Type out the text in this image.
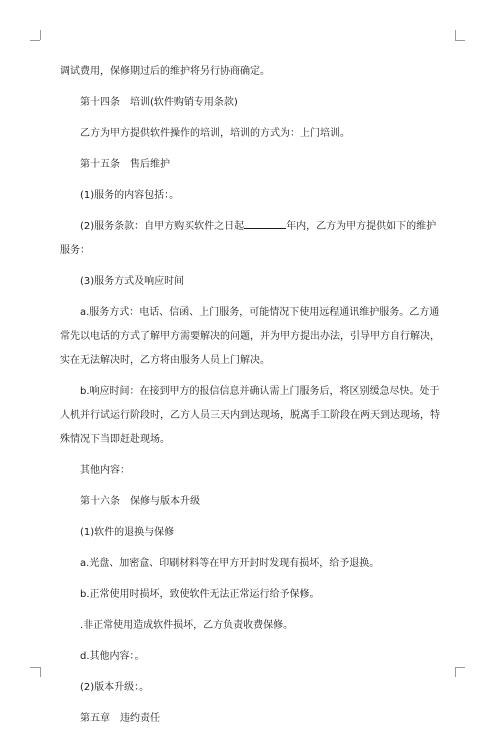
调试费用，保修期过后的维护将另行协商确定。

第十四条　培训(软件购销专用条款)

乙方为甲方提供软件操作的培训，培训的方式为：上门培训。

第十五条　售后维护

(1)服务的内容包括：。

(2)服务条款：自甲方购买软件之日起	年内，乙方为甲方提供如下的维护服务：

(3)服务方式及响应时间

a.服务方式：电话、信函、上门服务，可能情况下使用远程通讯维护服务。乙方通常先以电话的方式了解甲方需要解决的问题，并为甲方提出办法，引导甲方自行解决，实在无法解决时，乙方将由服务人员上门解决。

b.响应时间：在接到甲方的报信信息并确认需上门服务后，将区别缓急尽快。处于人机并行试运行阶段时，乙方人员三天内到达现场，脱离手工阶段在两天到达现场，特殊情况下当即赶赴现场。

其他内容：

第十六条　保修与版本升级

(1)软件的退换与保修

a.光盘、加密盒、印刷材料等在甲方开封时发现有损坏，给予退换。

b.正常使用时损坏，致使软件无法正常运行给予保修。

.非正常使用造成软件损坏，乙方负责收费保修。

d.其他内容：。

(2)版本升级：。

第五章　违约责任
